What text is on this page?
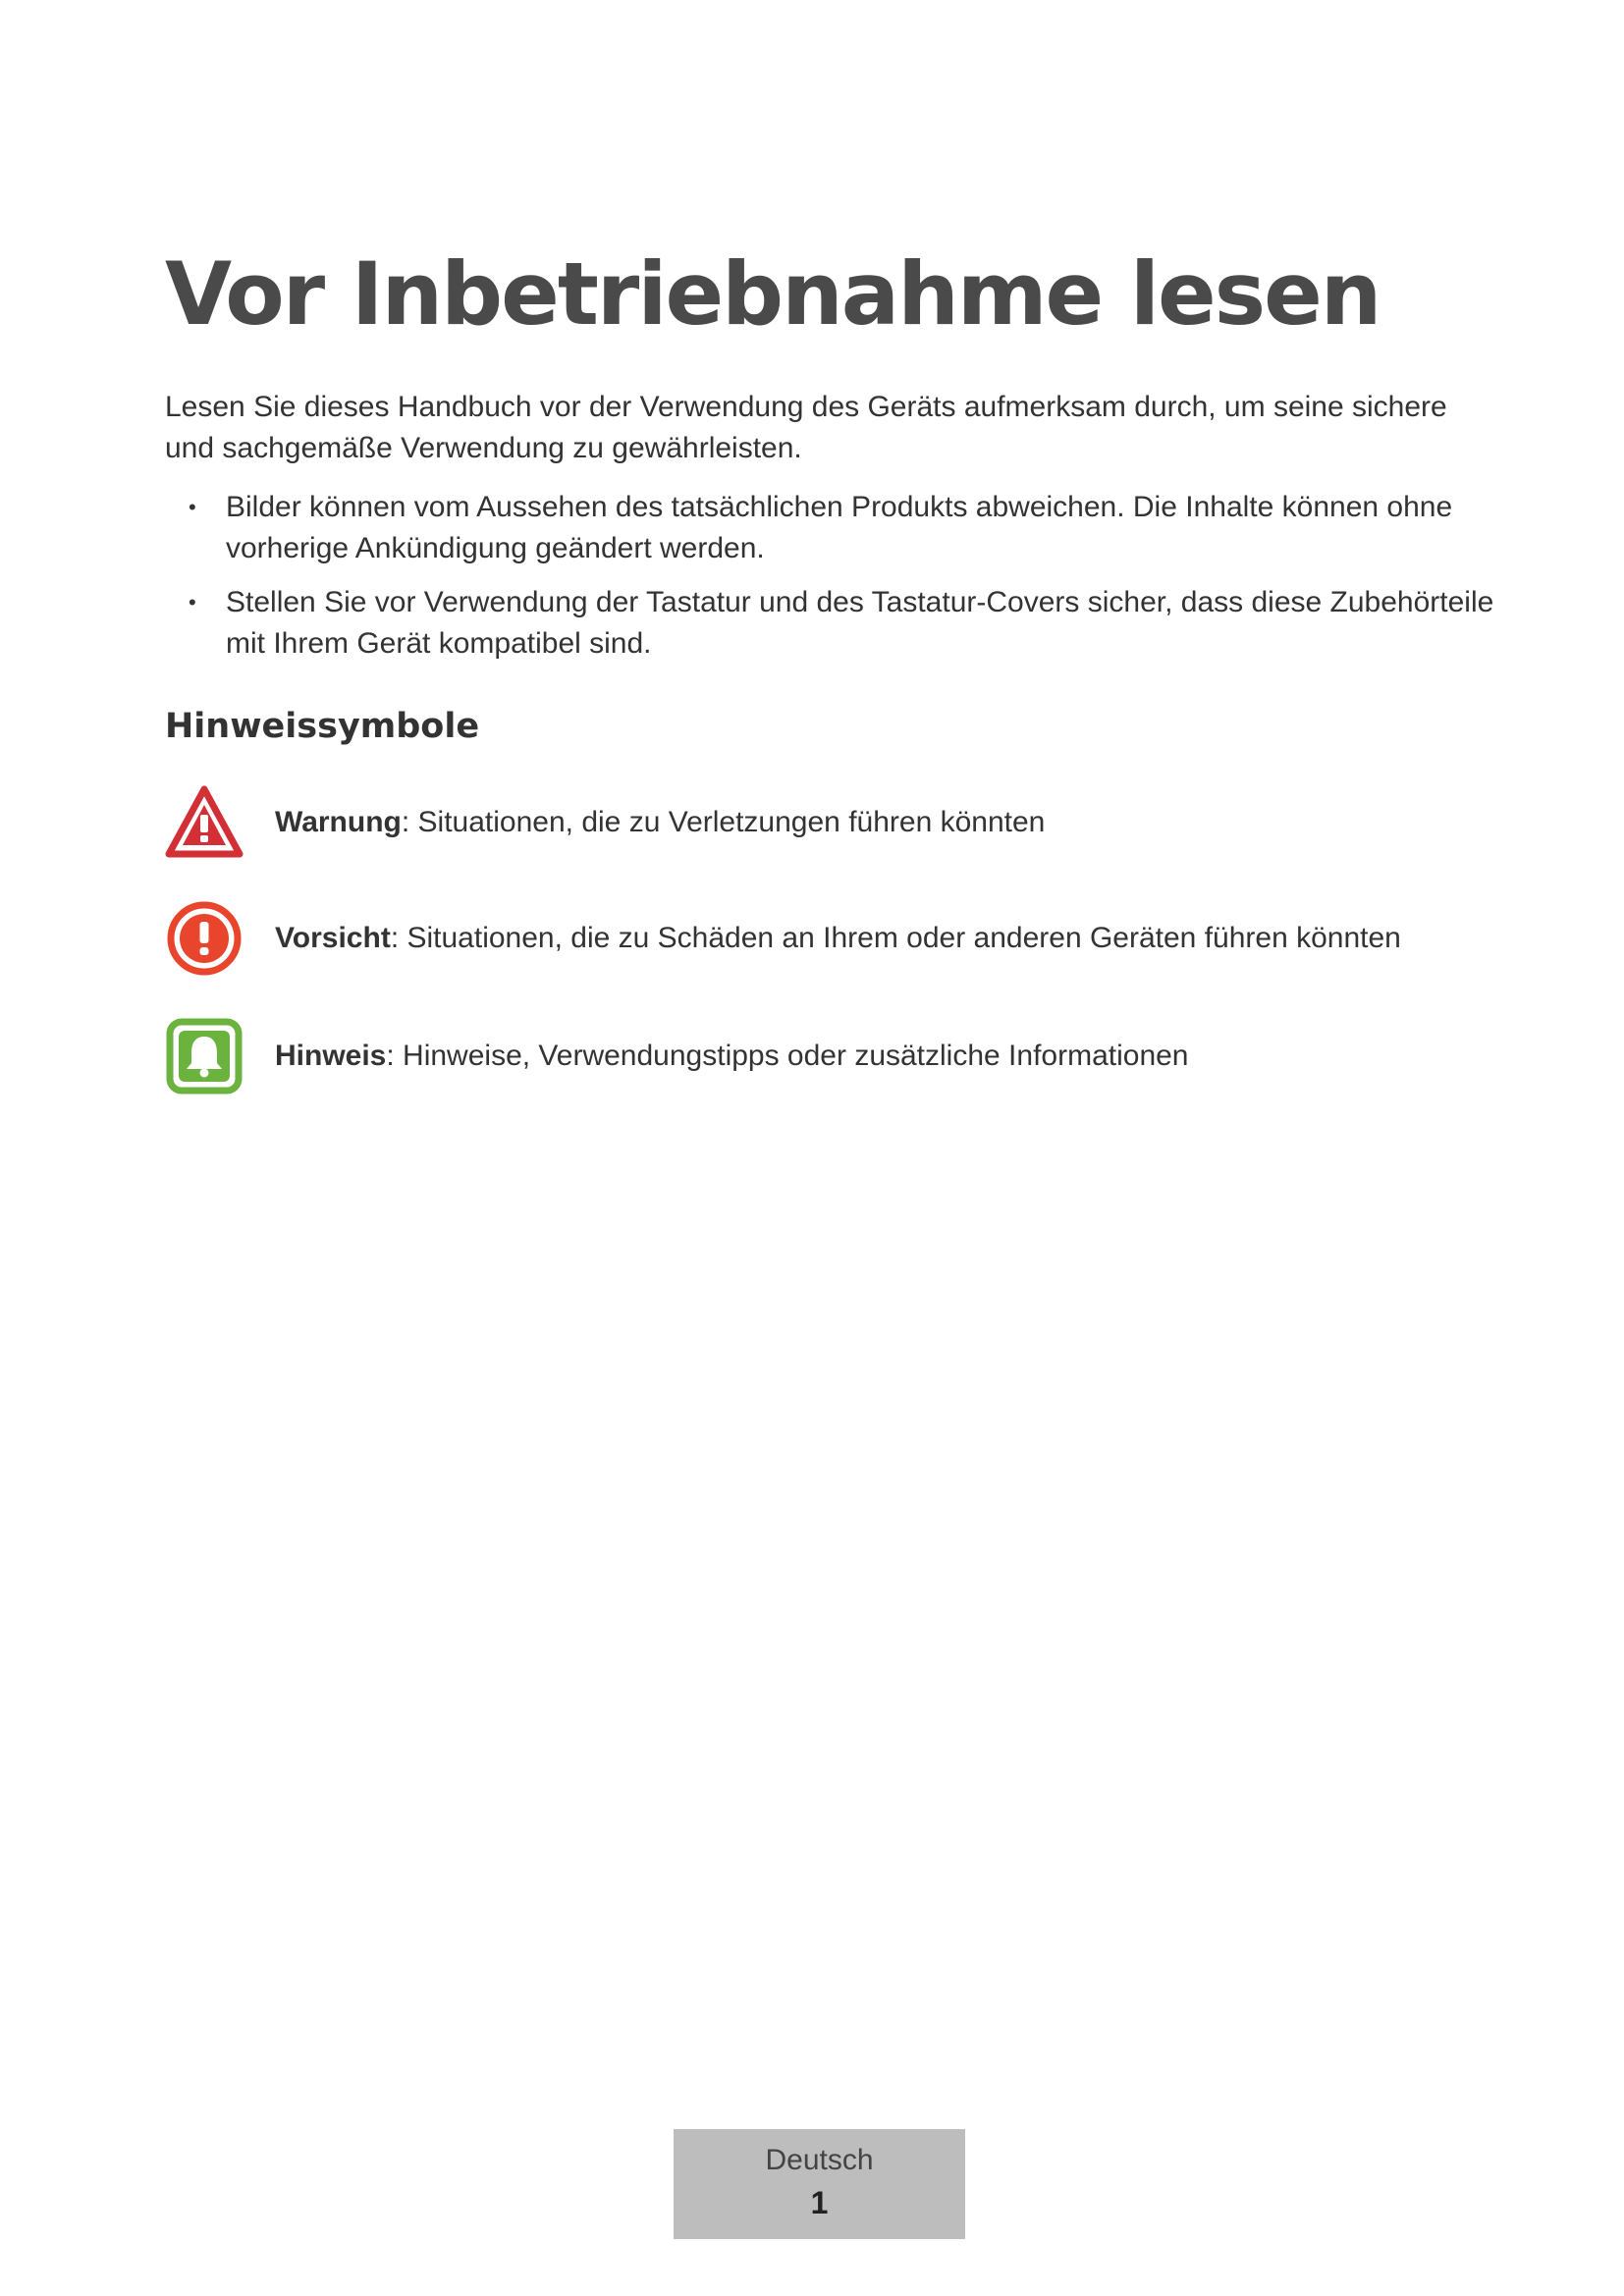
Vor Inbetriebnahme lesen

Lesen Sie dieses Handbuch vor der Verwendung des Geräts aufmerksam durch, um seine sichere und sachgemäße Verwendung zu gewährleisten.

• Bilder können vom Aussehen des tatsächlichen Produkts abweichen. Die Inhalte können ohne vorherige Ankündigung geändert werden.
• Stellen Sie vor Verwendung der Tastatur und des Tastatur-Covers sicher, dass diese Zubehörteile mit Ihrem Gerät kompatibel sind.
Hinweissymbole
Warnung: Situationen, die zu Verletzungen führen könnten
Vorsicht: Situationen, die zu Schäden an Ihrem oder anderen Geräten führen könnten
Hinweis: Hinweise, Verwendungstipps oder zusätzliche Informationen
Deutsch
1
